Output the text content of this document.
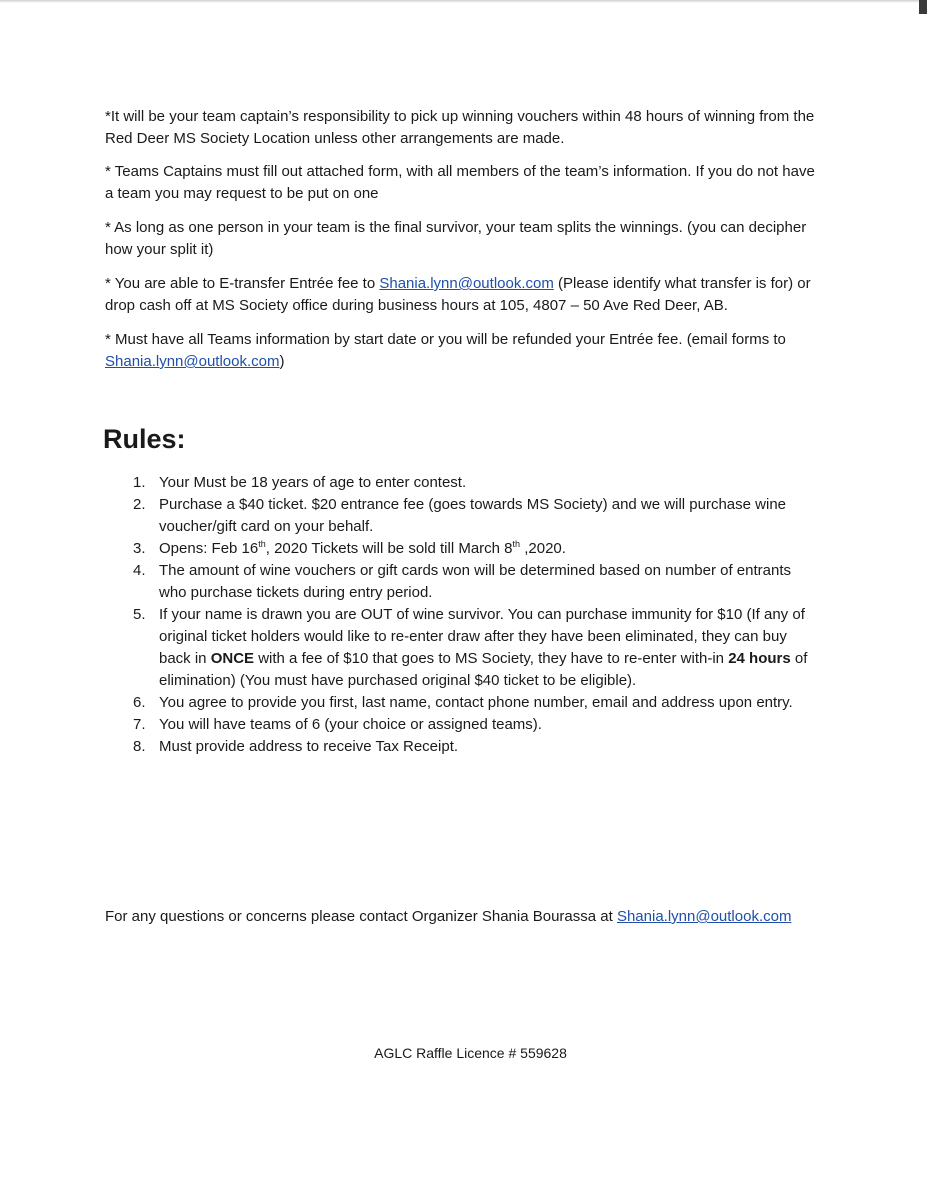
*It will be your team captain’s responsibility to pick up winning vouchers within 48 hours of winning from the Red Deer MS Society Location unless other arrangements are made.

* Teams Captains must fill out attached form, with all members of the team’s information. If you do not have a team you may request to be put on one

* As long as one person in your team is the final survivor, your team splits the winnings. (you can decipher how your split it)

* You are able to E-transfer Entrée fee to Shania.lynn@outlook.com (Please identify what transfer is for) or drop cash off at MS Society office during business hours at 105, 4807 – 50 Ave Red Deer, AB.

* Must have all Teams information by start date or you will be refunded your Entrée fee. (email forms to Shania.lynn@outlook.com)

Rules:
1. Your Must be 18 years of age to enter contest.
2. Purchase a $40 ticket. $20 entrance fee (goes towards MS Society) and we will purchase wine voucher/gift card on your behalf.
3. Opens: Feb 16th, 2020 Tickets will be sold till March 8th ,2020.
4. The amount of wine vouchers or gift cards won will be determined based on number of entrants who purchase tickets during entry period.
5. If your name is drawn you are OUT of wine survivor. You can purchase immunity for $10 (If any of original ticket holders would like to re-enter draw after they have been eliminated, they can buy back in ONCE with a fee of $10 that goes to MS Society, they have to re-enter with-in 24 hours of elimination) (You must have purchased original $40 ticket to be eligible).
6. You agree to provide you first, last name, contact phone number, email and address upon entry.
7. You will have teams of 6 (your choice or assigned teams).
8. Must provide address to receive Tax Receipt.

For any questions or concerns please contact Organizer Shania Bourassa at Shania.lynn@outlook.com

AGLC Raffle Licence # 559628
